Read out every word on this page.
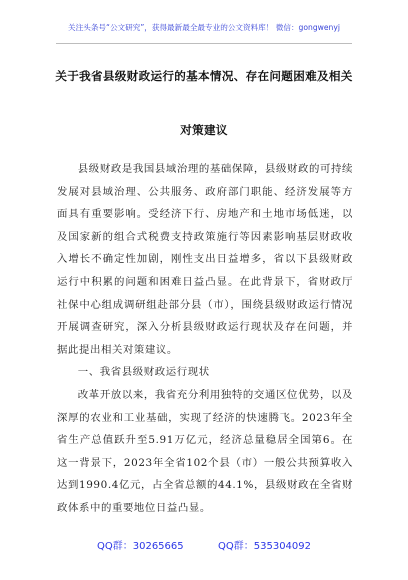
关注头条号“公文研究”，获得最新最全最专业的公文资料库！ 微信：gongwenyj
关于我省县级财政运行的基本情况、存在问题困难及相关
对策建议

县级财政是我国县域治理的基础保障，县级财政的可持续发展对县域治理、公共服务、政府部门职能、经济发展等方面具有重要影响。受经济下行、房地产和土地市场低迷，以及国家新的组合式税费支持政策施行等因素影响基层财政收入增长不确定性加剧，刚性支出日益增多，省以下县级财政运行中积累的问题和困难日益凸显。在此背景下，省财政厅社保中心组成调研组赴部分县（市），围绕县级财政运行情况开展调查研究，深入分析县级财政运行现状及存在问题，并据此提出相关对策建议。

一、我省县级财政运行现状

改革开放以来，我省充分利用独特的交通区位优势，以及深厚的农业和工业基础，实现了经济的快速腾飞。2023年全省生产总值跃升至5.91万亿元，经济总量稳居全国第6。在这一背景下，2023年全省102个县（市）一般公共预算收入达到1990.4亿元，占全省总额的44.1%，县级财政在全省财政体系中的重要地位日益凸显。

QQ群：30265665	QQ群：535304092
